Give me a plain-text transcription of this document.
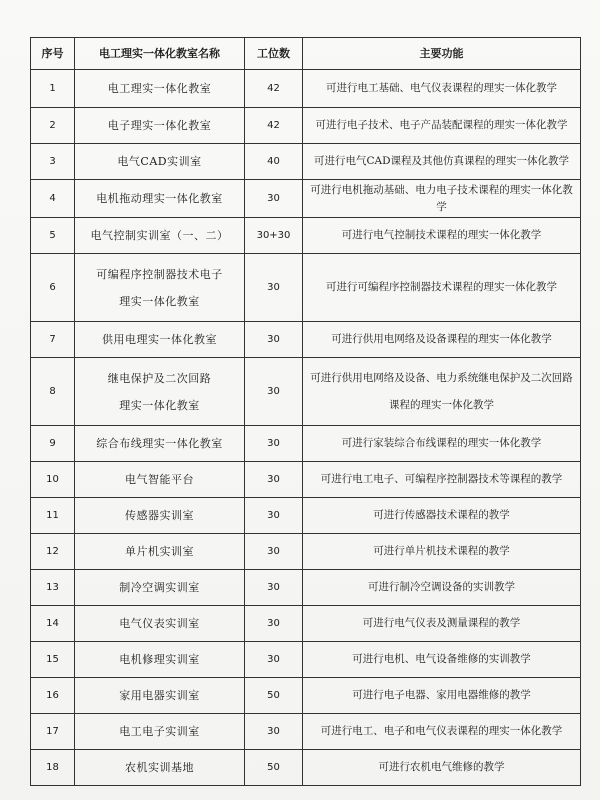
序号	电工理实一体化教室名称	工位数	主要功能
1	电工理实一体化教室	42	可进行电工基础、电气仪表课程的理实一体化教学

2	电子理实一体化教室	42	可进行电子技术、电子产品装配课程的理实一体化教学

3	电气CAD实训室	40	可进行电气CAD课程及其他仿真课程的理实一体化教学

4	电机拖动理实一体化教室	30	可进行电机拖动基础、电力电子技术课程的理实一体化教学

5	电气控制实训室（一、二）	30+30	可进行电气控制技术课程的理实一体化教学

6	可编程序控制器技术电子
理实一体化教室	30	可进行可编程序控制器技术课程的理实一体化教学

7	供用电理实一体化教室	30	可进行供用电网络及设备课程的理实一体化教学

8	继电保护及二次回路
理实一体化教室	30	可进行供用电网络及设备、电力系统继电保护及二次回路
课程的理实一体化教学

9	综合布线理实一体化教室	30	可进行家装综合布线课程的理实一体化教学

10	电气智能平台	30	可进行电工电子、可编程序控制器技术等课程的教学

11	传感器实训室	30	可进行传感器技术课程的教学

12	单片机实训室	30	可进行单片机技术课程的教学

13	制冷空调实训室	30	可进行制冷空调设备的实训教学

14	电气仪表实训室	30	可进行电气仪表及测量课程的教学

15	电机修理实训室	30	可进行电机、电气设备维修的实训教学

16	家用电器实训室	50	可进行电子电器、家用电器维修的教学

17	电工电子实训室	30	可进行电工、电子和电气仪表课程的理实一体化教学

18	农机实训基地	50	可进行农机电气维修的教学
